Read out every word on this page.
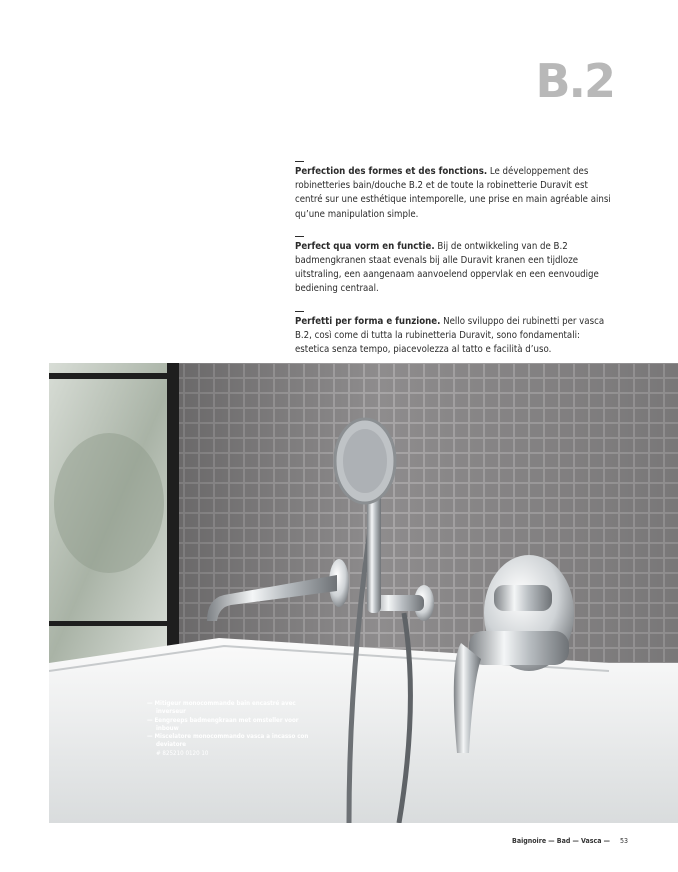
B.2
Perfection des formes et des fonctions. Le développement des robinetteries bain/douche B.2 et de toute la robinetterie Duravit est centré sur une esthétique intemporelle, une prise en main agréable ainsi qu’une manipulation simple.
Perfect qua vorm en functie. Bij de ontwikkeling van de B.2 badmengkranen staat evenals bij alle Duravit kranen een tijdloze uitstraling, een aangenaam aanvoelend oppervlak en een eenvoudige bediening centraal.
Perfetti per forma e funzione. Nello sviluppo dei rubinetti per vasca B.2, così come di tutta la rubinetteria Duravit, sono fondamentali: estetica senza tempo, piacevolezza al tatto e facilità d’uso.

— Mitigeur monocommande bain encastré avec inverseur

— Eengreeps badmengkraan met omsteller voor inbouw

— Miscelatore monocommando vasca a incasso con deviatore

# 825210 0120 10
Baignoire — Bad — Vasca — 53
